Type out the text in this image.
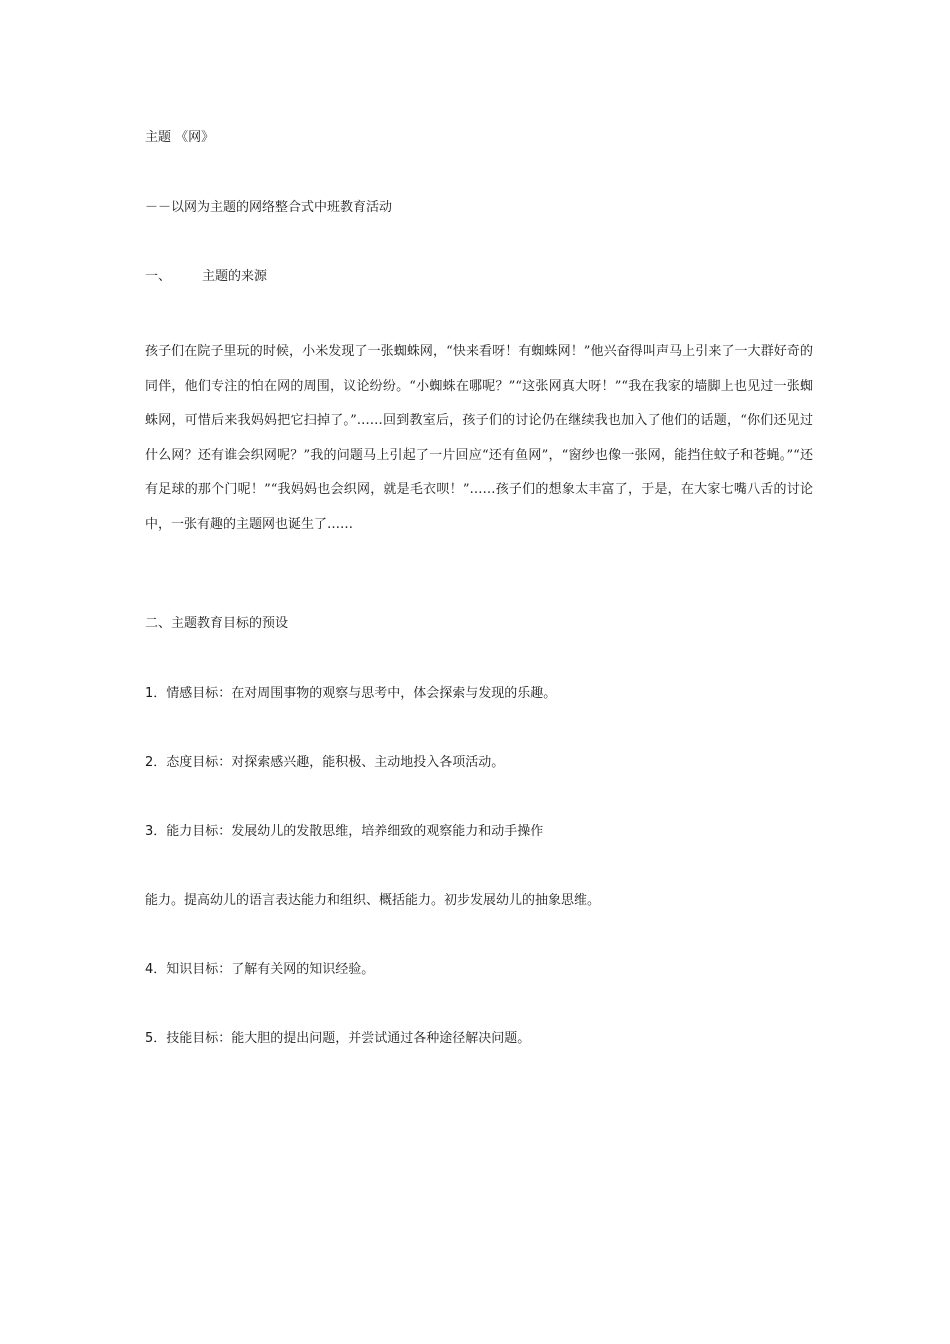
主题 《网》

－－以网为主题的网络整合式中班教育活动

一、 主题的来源

孩子们在院子里玩的时候，小米发现了一张蜘蛛网，“快来看呀！有蜘蛛网！”他兴奋得叫声马上引来了一大群好奇的同伴，他们专注的怕在网的周围，议论纷纷。“小蜘蛛在哪呢？”“这张网真大呀！”“我在我家的墙脚上也见过一张蜘蛛网，可惜后来我妈妈把它扫掉了。”……回到教室后，孩子们的讨论仍在继续我也加入了他们的话题，“你们还见过什么网？还有谁会织网呢？”我的问题马上引起了一片回应“还有鱼网”，“窗纱也像一张网，能挡住蚊子和苍蝇。”“还有足球的那个门呢！”“我妈妈也会织网，就是毛衣呗！”……孩子们的想象太丰富了，于是，在大家七嘴八舌的讨论中，一张有趣的主题网也诞生了……

二、主题教育目标的预设

1．情感目标：在对周围事物的观察与思考中，体会探索与发现的乐趣。

2．态度目标：对探索感兴趣，能积极、主动地投入各项活动。

3．能力目标：发展幼儿的发散思维，培养细致的观察能力和动手操作

能力。提高幼儿的语言表达能力和组织、概括能力。初步发展幼儿的抽象思维。

4．知识目标：了解有关网的知识经验。

5．技能目标：能大胆的提出问题，并尝试通过各种途径解决问题。
